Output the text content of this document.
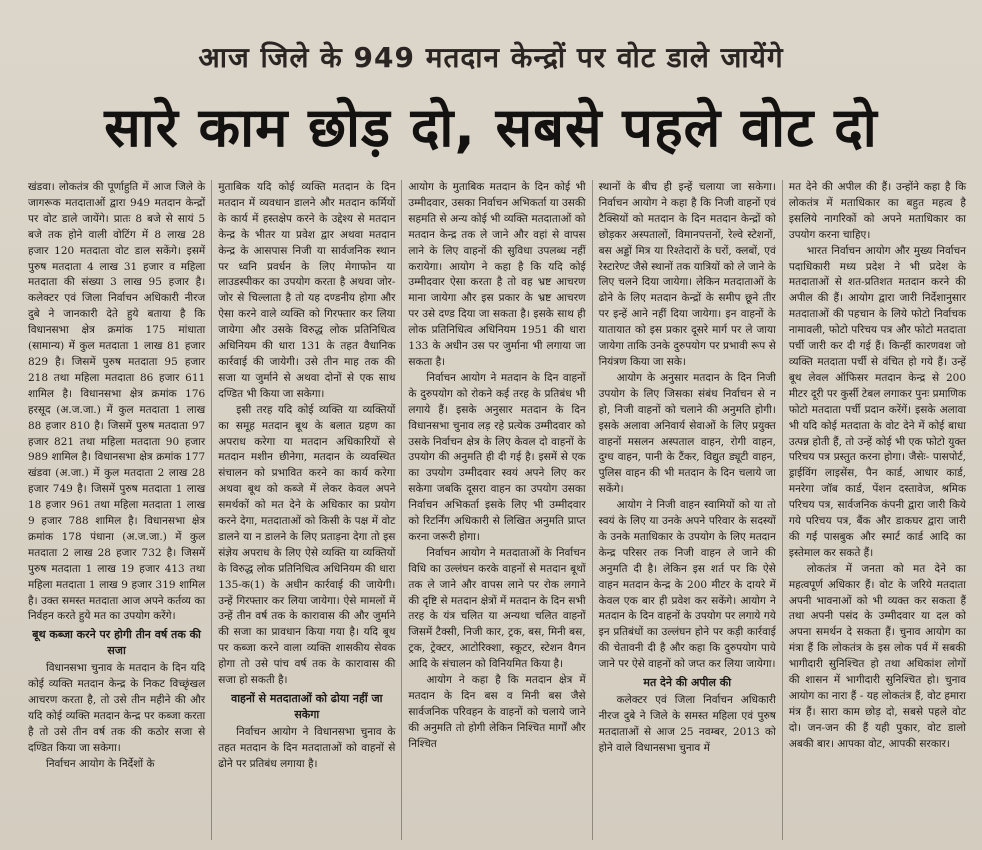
आज जिले के 949 मतदान केन्द्रों पर वोट डाले जायेंगे
सारे काम छोड़ दो, सबसे पहले वोट दो

खंडवा। लोकतंत्र की पूर्णाहुति में आज जिले के जागरूक मतदाताओं द्वारा 949 मतदान केन्द्रों पर वोट डाले जायेंगे। प्रातः 8 बजे से सायं 5 बजे तक होने वाली वोटिंग में 8 लाख 28 हजार 120 मतदाता वोट डाल सकेंगे। इसमें पुरुष मतदाता 4 लाख 31 हजार व महिला मतदाता की संख्या 3 लाख 95 हजार है। कलेक्टर एवं जिला निर्वाचन अधिकारी नीरज दुबे ने जानकारी देते हुये बताया है कि विधानसभा क्षेत्र क्रमांक 175 मांधाता (सामान्य) में कुल मतदाता 1 लाख 81 हजार 829 है। जिसमें पुरुष मतदाता 95 हजार 218 तथा महिला मतदाता 86 हजार 611 शामिल है। विधानसभा क्षेत्र क्रमांक 176 हरसूद (अ.ज.जा.) में कुल मतदाता 1 लाख 88 हजार 810 है। जिसमें पुरुष मतदाता 97 हजार 821 तथा महिला मतदाता 90 हजार 989 शामिल है। विधानसभा क्षेत्र क्रमांक 177 खंडवा (अ.जा.) में कुल मतदाता 2 लाख 28 हजार 749 है। जिसमें पुरुष मतदाता 1 लाख 18 हजार 961 तथा महिला मतदाता 1 लाख 9 हजार 788 शामिल है। विधानसभा क्षेत्र क्रमांक 178 पंधाना (अ.ज.जा.) में कुल मतदाता 2 लाख 28 हजार 732 है। जिसमें पुरुष मतदाता 1 लाख 19 हजार 413 तथा महिला मतदाता 1 लाख 9 हजार 319 शामिल है। उक्त समस्त मतदाता आज अपने कर्तव्य का निर्वहन करते हुये मत का उपयोग करेंगे।

बूथ कब्जा करने पर होगी तीन वर्ष तक की सजा

विधानसभा चुनाव के मतदान के दिन यदि कोई व्यक्ति मतदान केन्द्र के निकट विच्छृंखल आचरण करता है, तो उसे तीन महीने की और यदि कोई व्यक्ति मतदान केन्द्र पर कब्जा करता है तो उसे तीन वर्ष तक की कठोर सजा से दण्डित किया जा सकेगा।

निर्वाचन आयोग के निर्देशों के

मुताबिक यदि कोई व्यक्ति मतदान के दिन मतदान में व्यवधान डालने और मतदान कर्मियों के कार्य में हस्तक्षेप करने के उद्देश्य से मतदान केन्द्र के भीतर या प्रवेश द्वार अथवा मतदान केन्द्र के आसपास निजी या सार्वजनिक स्थान पर ध्वनि प्रवर्धन के लिए मेगाफोन या लाउडस्पीकर का उपयोग करता है अथवा जोर-जोर से चिल्लाता है तो यह दण्डनीय होगा और ऐसा करने वाले व्यक्ति को गिरफ्तार कर लिया जायेगा और उसके विरुद्ध लोक प्रतिनिधित्व अधिनियम की धारा 131 के तहत वैधानिक कार्रवाई की जायेगी। उसे तीन माह तक की सजा या जुर्माने से अथवा दोनों से एक साथ दण्डित भी किया जा सकेगा।

इसी तरह यदि कोई व्यक्ति या व्यक्तियों का समूह मतदान बूथ के बलात ग्रहण का अपराध करेगा या मतदान अधिकारियों से मतदान मशीन छीनेगा, मतदान के व्यवस्थित संचालन को प्रभावित करने का कार्य करेगा अथवा बूथ को कब्जे में लेकर केवल अपने समर्थकों को मत देने के अधिकार का प्रयोग करने देगा, मतदाताओं को किसी के पक्ष में वोट डालने या न डालने के लिए प्रताड़ना देगा तो इस संज्ञेय अपराध के लिए ऐसे व्यक्ति या व्यक्तियों के विरुद्ध लोक प्रतिनिधित्व अधिनियम की धारा 135-क(1) के अधीन कार्रवाई की जायेगी। उन्हें गिरफ्तार कर लिया जायेगा। ऐसे मामलों में उन्हें तीन वर्ष तक के कारावास की और जुर्माने की सजा का प्रावधान किया गया है। यदि बूथ पर कब्जा करने वाला व्यक्ति शासकीय सेवक होगा तो उसे पांच वर्ष तक के कारावास की सजा हो सकती है।

वाहनों से मतदाताओं को ढोया नहीं जा सकेगा

निर्वाचन आयोग ने विधानसभा चुनाव के तहत मतदान के दिन मतदाताओं को वाहनों से ढोने पर प्रतिबंध लगाया है।

आयोग के मुताबिक मतदान के दिन कोई भी उम्मीदवार, उसका निर्वाचन अभिकर्ता या उसकी सहमति से अन्य कोई भी व्यक्ति मतदाताओं को मतदान केन्द्र तक ले जाने और वहां से वापस लाने के लिए वाहनों की सुविधा उपलब्ध नहीं करायेगा। आयोग ने कहा है कि यदि कोई उम्मीदवार ऐसा करता है तो वह भ्रष्ट आचरण माना जायेगा और इस प्रकार के भ्रष्ट आचरण पर उसे दण्ड दिया जा सकता है। इसके साथ ही लोक प्रतिनिधित्व अधिनियम 1951 की धारा 133 के अधीन उस पर जुर्माना भी लगाया जा सकता है।

निर्वाचन आयोग ने मतदान के दिन वाहनों के दुरुपयोग को रोकने कई तरह के प्रतिबंध भी लगाये हैं। इसके अनुसार मतदान के दिन विधानसभा चुनाव लड़ रहे प्रत्येक उम्मीदवार को उसके निर्वाचन क्षेत्र के लिए केवल दो वाहनों के उपयोग की अनुमति ही दी गई है। इसमें से एक का उपयोग उम्मीदवार स्वयं अपने लिए कर सकेगा जबकि दूसरा वाहन का उपयोग उसका निर्वाचन अभिकर्ता इसके लिए भी उम्मीदवार को रिटर्निंग अधिकारी से लिखित अनुमति प्राप्त करना जरूरी होगा।

निर्वाचन आयोग ने मतदाताओं के निर्वाचन विधि का उल्लंघन करके वाहनों से मतदान बूथों तक ले जाने और वापस लाने पर रोक लगाने की दृष्टि से मतदान क्षेत्रों में मतदान के दिन सभी तरह के यंत्र चलित या अन्यथा चलित वाहनों जिसमें टैक्सी, निजी कार, ट्रक, बस, मिनी बस, ट्रक, ट्रेक्टर, आटोरिक्शा, स्कूटर, स्टेशन वैगन आदि के संचालन को विनियमित किया है।

आयोग ने कहा है कि मतदान क्षेत्र में मतदान के दिन बस व मिनी बस जैसे सार्वजनिक परिवहन के वाहनों को चलाये जाने की अनुमति तो होगी लेकिन निश्चित मार्गों और निश्चित

स्थानों के बीच ही इन्हें चलाया जा सकेगा। निर्वाचन आयोग ने कहा है कि निजी वाहनों एवं टैक्सियों को मतदान के दिन मतदान केन्द्रों को छोड़कर अस्पतालों, विमानपत्तनों, रेल्वे स्टेशनों, बस अड्डों मित्र या रिश्तेदारों के घरों, क्लबों, एवं रेस्टारेण्ट जैसे स्थानों तक यात्रियों को ले जाने के लिए चलने दिया जायेगा। लेकिन मतदाताओं के ढोने के लिए मतदान केन्द्रों के समीप छूने तीर पर इन्हें आने नहीं दिया जायेगा। इन वाहनों के यातायात को इस प्रकार दूसरे मार्ग पर ले जाया जायेगा ताकि उनके दुरुपयोग पर प्रभावी रूप से नियंत्रण किया जा सके।

आयोग के अनुसार मतदान के दिन निजी उपयोग के लिए जिसका संबंध निर्वाचन से न हो, निजी वाहनों को चलाने की अनुमति होगी। इसके अलावा अनिवार्य सेवाओं के लिए प्रयुक्त वाहनों मसलन अस्पताल वाहन, रोगी वाहन, दुग्ध वाहन, पानी के टैंकर, विद्युत ड्यूटी वाहन, पुलिस वाहन की भी मतदान के दिन चलाये जा सकेंगे।

आयोग ने निजी वाहन स्वामियों को या तो स्वयं के लिए या उनके अपने परिवार के सदस्यों के उनके मताधिकार के उपयोग के लिए मतदान केन्द्र परिसर तक निजी वाहन ले जाने की अनुमति दी है। लेकिन इस शर्त पर कि ऐसे वाहन मतदान केन्द्र के 200 मीटर के दायरे में केवल एक बार ही प्रवेश कर सकेंगे। आयोग ने मतदान के दिन वाहनों के उपयोग पर लगाये गये इन प्रतिबंधों का उल्लंघन होने पर कड़ी कार्रवाई की चेतावनी दी है और कहा कि दुरुपयोग पाये जाने पर ऐसे वाहनों को जप्त कर लिया जायेगा।

मत देने की अपील की

कलेक्टर एवं जिला निर्वाचन अधिकारी नीरज दुबे ने जिले के समस्त महिला एवं पुरुष मतदाताओं से आज 25 नवम्बर, 2013 को होने वाले विधानसभा चुनाव में

मत देने की अपील की हैं। उन्होंने कहा है कि लोकतंत्र में मताधिकार का बहुत महत्व है इसलिये नागरिकों को अपने मताधिकार का उपयोग करना चाहिए।

भारत निर्वाचन आयोग और मुख्य निर्वाचन पदाधिकारी मध्य प्रदेश ने भी प्रदेश के मतदाताओं से शत-प्रतिशत मतदान करने की अपील की हैं। आयोग द्वारा जारी निर्देशानुसार मतदाताओं की पहचान के लिये फोटो निर्वाचक नामावली, फोटो परिचय पत्र और फोटो मतदाता पर्ची जारी कर दी गई हैं। किन्हीं कारणवश जो व्यक्ति मतदाता पर्ची से वंचित हो गये हैं। उन्हें बूथ लेवल ऑफिसर मतदान केन्द्र से 200 मीटर दूरी पर कुर्सी टेबल लगाकर पुनः प्रमाणिक फोटो मतदाता पर्ची प्रदान करेंगें। इसके अलावा भी यदि कोई मतदाता के वोट देने में कोई बाधा उत्पन्न होती हैं, तो उन्हें कोई भी एक फोटो युक्त परिचय पत्र प्रस्तुत करना होगा। जैसेः- पासपोर्ट, ड्राईविंग लाइसेंस, पैन कार्ड, आधार कार्ड, मनरेगा जॉब कार्ड, पेंशन दस्तावेज, श्रमिक परिचय पत्र, सार्वजनिक कंपनी द्वारा जारी किये गये परिचय पत्र, बैंक और डाकघर द्वारा जारी की गई पासबुक और स्मार्ट कार्ड आदि का इस्तेमाल कर सकते हैं।

लोकतंत्र में जनता को मत देने का महत्वपूर्ण अधिकार हैं। वोट के जरिये मतदाता अपनी भावनाओं को भी व्यक्त कर सकता हैं तथा अपनी पसंद के उम्मीदवार या दल को अपना समर्थन दे सकता हैं। चुनाव आयोग का मंत्रा हैं कि लोकतंत्र के इस लोक पर्व में सबकी भागीदारी सुनिश्चित हो तथा अधिकांश लोगों की शासन में भागीदारी सुनिश्चित हो। चुनाव आयोग का नारा हैं - यह लोकतंत्र हैं, वोट हमारा मंत्र हैं। सारा काम छोड़ दो, सबसे पहले वोट दो। जन-जन की हैं यही पुकार, वोट डालो अबकी बार। आपका वोट, आपकी सरकार।
